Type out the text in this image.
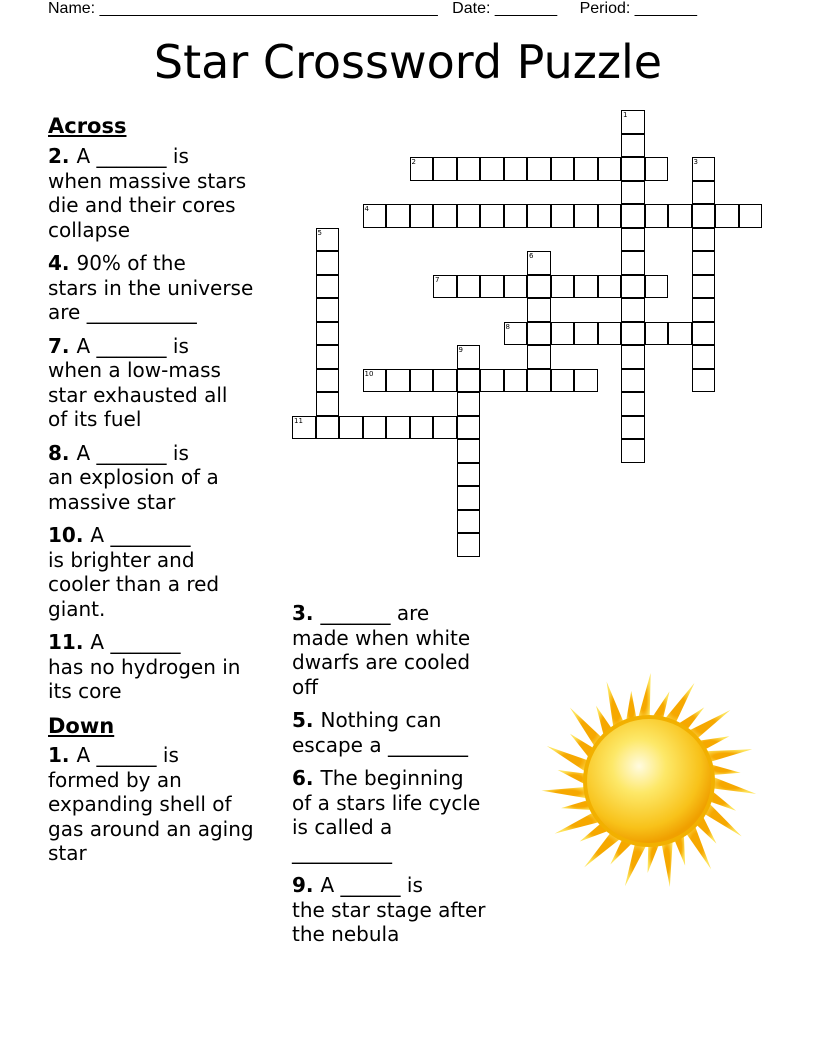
Name: ______________________________________ Date: _______ Period: _______
Star Crossword Puzzle
Across
2. A _______ is
when massive stars
die and their cores
collapse
4. 90% of the
stars in the universe
are ___________
7. A _______ is
when a low-mass
star exhausted all
of its fuel
8. A _______ is
an explosion of a
massive star
10. A ________
is brighter and
cooler than a red
giant.
11. A _______
has no hydrogen in
its core
Down
1. A ______ is
formed by an
expanding shell of
gas around an aging
star
3. _______ are
made when white
dwarfs are cooled
off
5. Nothing can
escape a ________
6. The beginning
of a stars life cycle
is called a
__________
9. A ______ is
the star stage after
the nebula
1
2	3
4
5
6
7
8
9
10
11
